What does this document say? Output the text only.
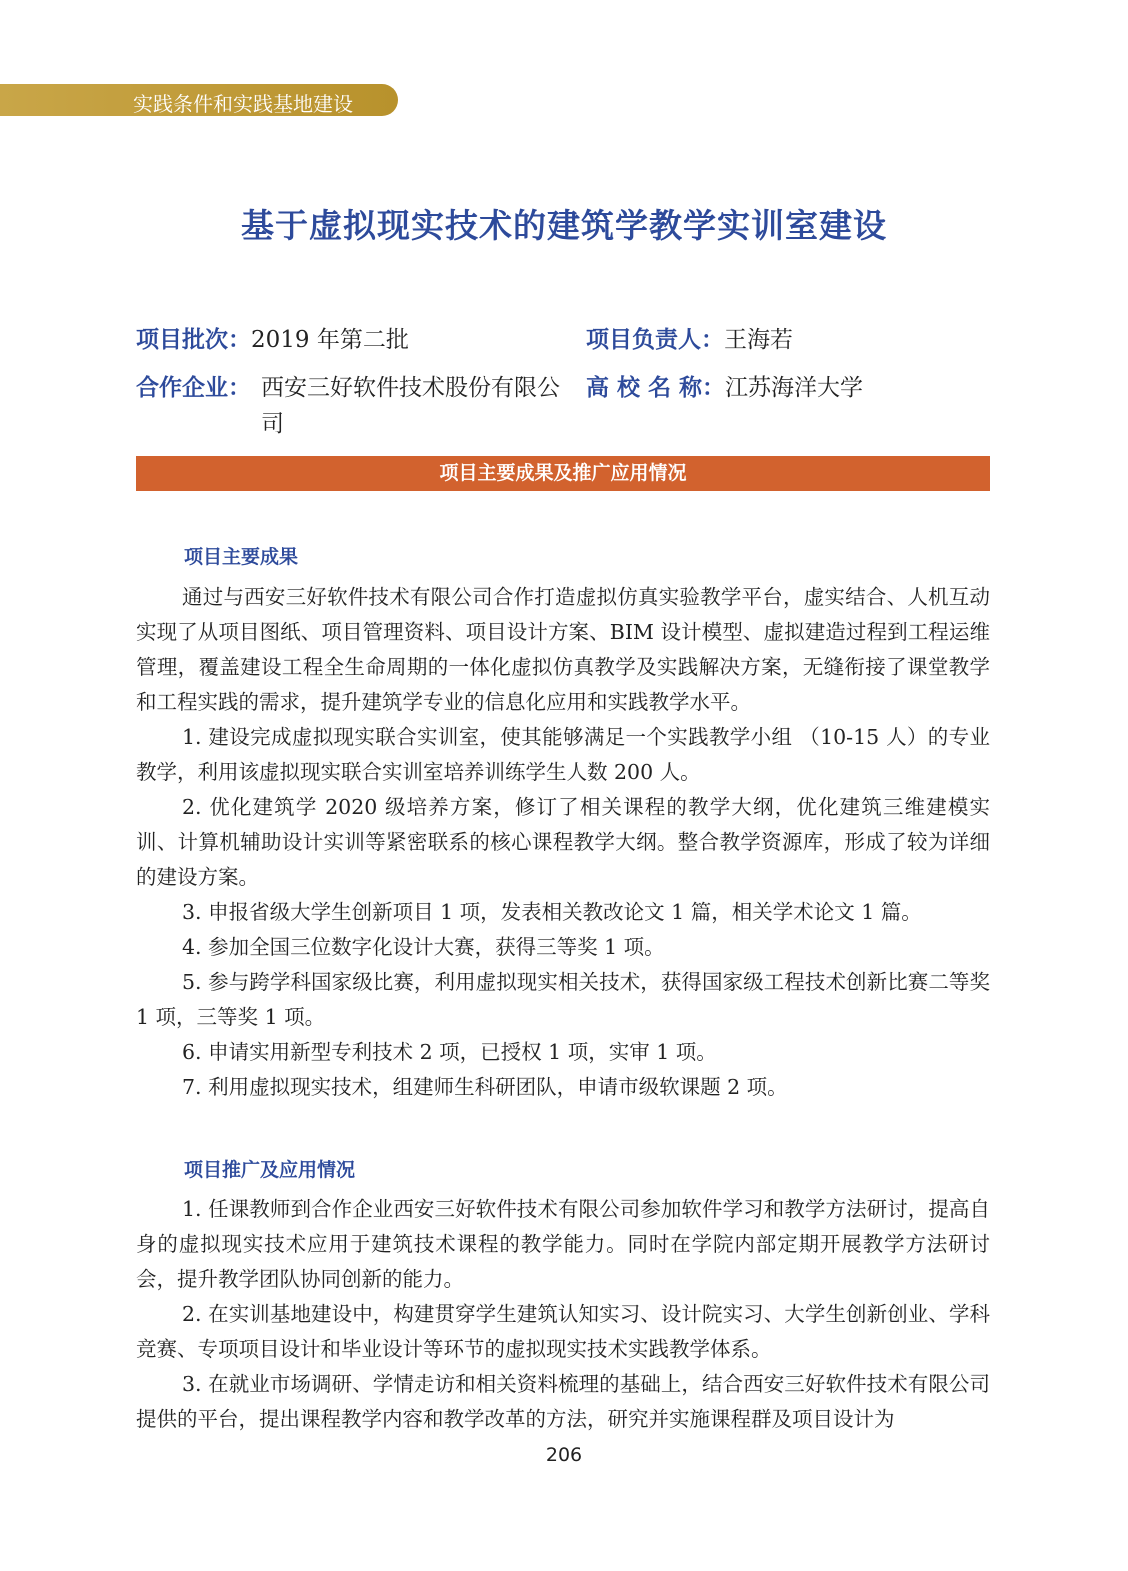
实践条件和实践基地建设
基于虚拟现实技术的建筑学教学实训室建设
项目批次：2019 年第二批	项目负责人：王海若
合作企业： 西安三好软件技术股份有限公司
高 校 名 称：江苏海洋大学
项目主要成果及推广应用情况
项目主要成果

通过与西安三好软件技术有限公司合作打造虚拟仿真实验教学平台，虚实结合、人机互动实现了从项目图纸、项目管理资料、项目设计方案、BIM 设计模型、虚拟建造过程到工程运维管理，覆盖建设工程全生命周期的一体化虚拟仿真教学及实践解决方案，无缝衔接了课堂教学和工程实践的需求，提升建筑学专业的信息化应用和实践教学水平。

1. 建设完成虚拟现实联合实训室，使其能够满足一个实践教学小组 （10-15 人）的专业教学，利用该虚拟现实联合实训室培养训练学生人数 200 人。

2. 优化建筑学 2020 级培养方案，修订了相关课程的教学大纲，优化建筑三维建模实训、计算机辅助设计实训等紧密联系的核心课程教学大纲。整合教学资源库，形成了较为详细的建设方案。

3. 申报省级大学生创新项目 1 项，发表相关教改论文 1 篇，相关学术论文 1 篇。

4. 参加全国三位数字化设计大赛，获得三等奖 1 项。

5. 参与跨学科国家级比赛，利用虚拟现实相关技术，获得国家级工程技术创新比赛二等奖 1 项，三等奖 1 项。

6. 申请实用新型专利技术 2 项，已授权 1 项，实审 1 项。

7. 利用虚拟现实技术，组建师生科研团队，申请市级软课题 2 项。

项目推广及应用情况

1. 任课教师到合作企业西安三好软件技术有限公司参加软件学习和教学方法研讨，提高自身的虚拟现实技术应用于建筑技术课程的教学能力。同时在学院内部定期开展教学方法研讨会，提升教学团队协同创新的能力。

2. 在实训基地建设中，构建贯穿学生建筑认知实习、设计院实习、大学生创新创业、学科竞赛、专项项目设计和毕业设计等环节的虚拟现实技术实践教学体系。

3. 在就业市场调研、学情走访和相关资料梳理的基础上，结合西安三好软件技术有限公司提供的平台，提出课程教学内容和教学改革的方法，研究并实施课程群及项目设计为

206
